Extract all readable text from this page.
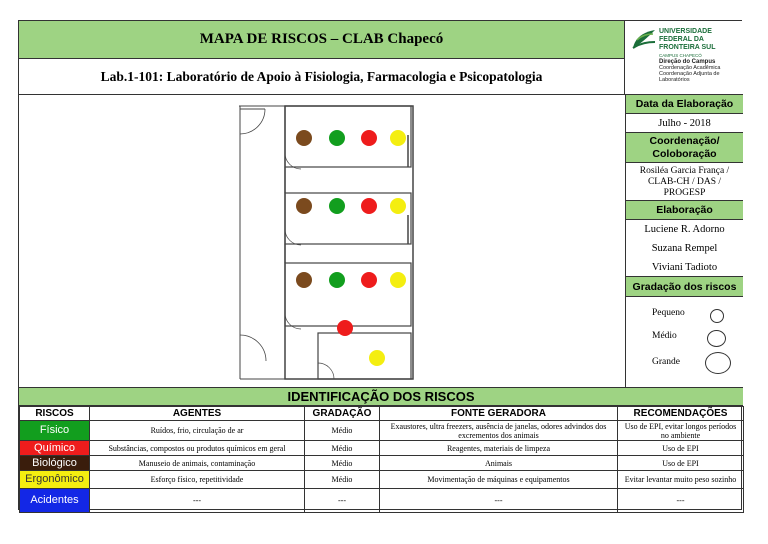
MAPA DE RISCOS – CLAB Chapecó
Lab.1-101: Laboratório de Apoio à Fisiologia, Farmacologia e Psicopatologia
UNIVERSIDADE
FEDERAL DA
FRONTEIRA SUL
CAMPUS CHAPECÓ
Direção do Campus
Coordenação Acadêmica
Coordenação Adjunta de
Laboratórios
Data da Elaboração
Julho - 2018
Coordenação/ Coloboração
Rosiléa Garcia França / CLAB-CH / DAS / PROGESP
Elaboração
Luciene R. Adorno
Suzana Rempel
Viviani Tadioto
Gradação dos riscos
Pequeno
Médio
Grande
IDENTIFICAÇÃO DOS RISCOS
RISCOS	AGENTES	GRADAÇÃO	FONTE GERADORA	RECOMENDAÇÕES
Físico	Ruídos, frio, circulação de ar	Médio	Exaustores, ultra freezers, ausência de janelas, odores advindos dos excrementos dos animais	Uso de EPI, evitar longos períodos no ambiente
Químico	Substâncias, compostos ou produtos químicos em geral	Médio	Reagentes, materiais de limpeza	Uso de EPI
Biológico	Manuseio de animais, contaminação	Médio	Animais	Uso de EPI
Ergonômico	Esforço físico, repetitividade	Médio	Movimentação de máquinas e equipamentos	Evitar levantar muito peso sozinho
Acidentes	---	---	---	---
